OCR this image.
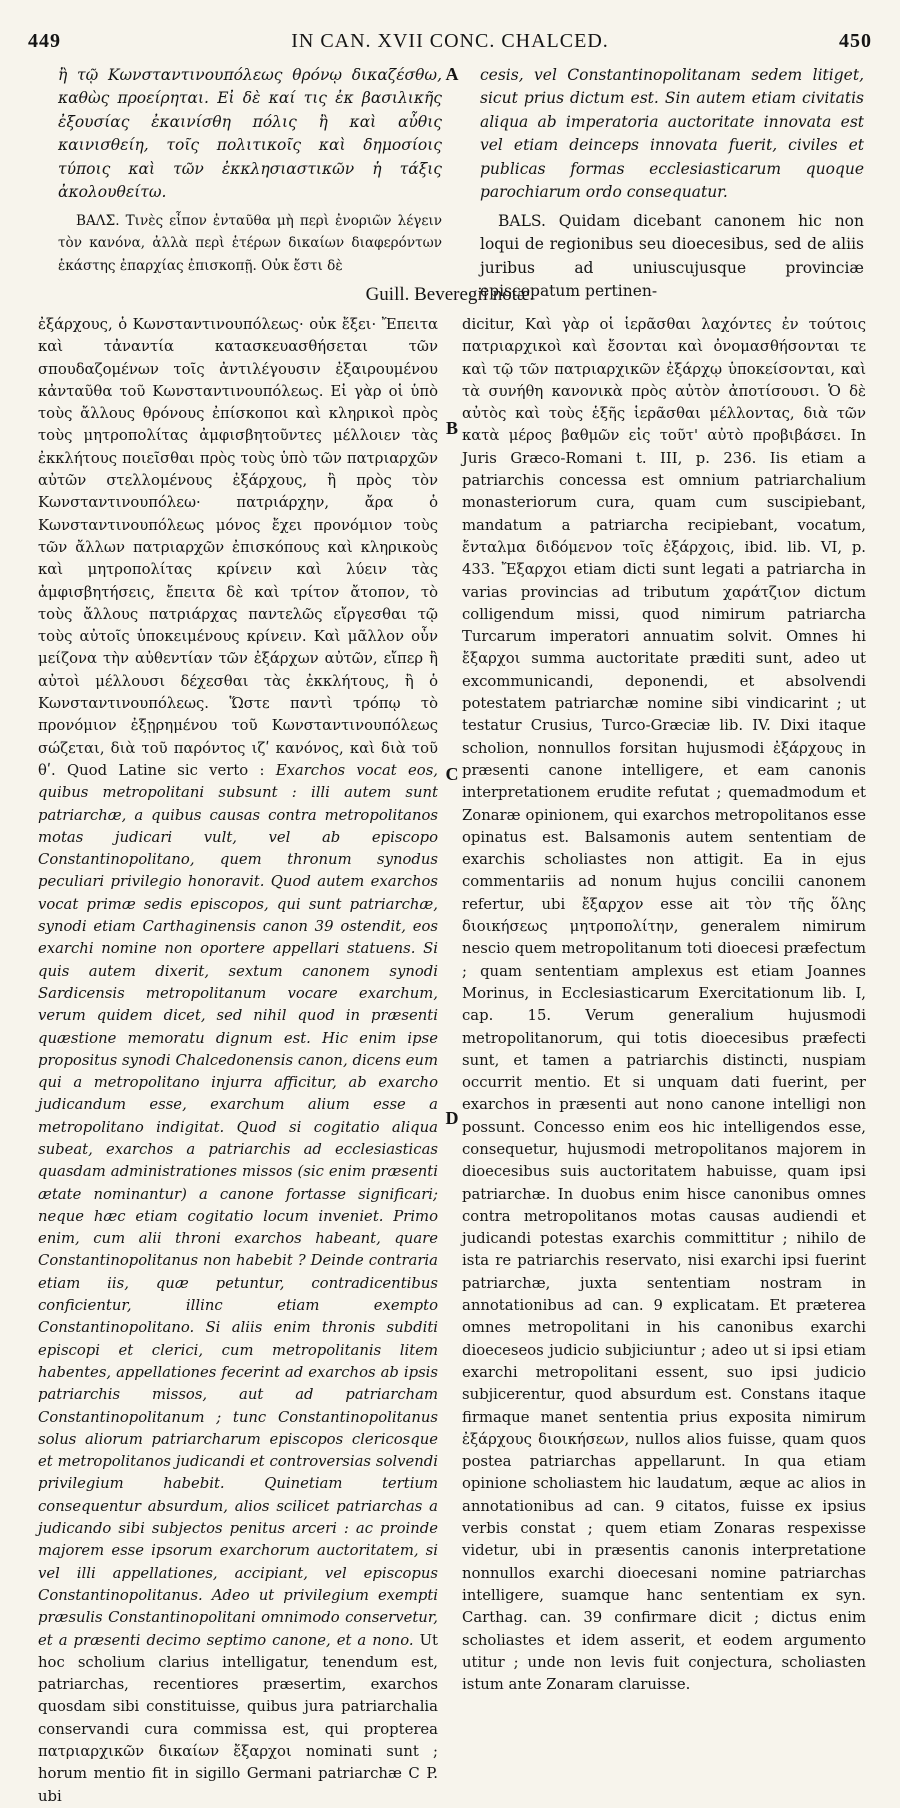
449	IN CAN. XVII CONC. CHALCED.	450

ἢ τῷ Κωνσταντινουπόλεως θρόνῳ δικαζέσθω, καθὼς προείρηται. Εἰ δὲ καί τις ἐκ βασιλικῆς ἐξουσίας ἐκαινίσθη πόλις ἢ καὶ αὖθις καινισθείη, τοῖς πολιτικοῖς καὶ δημοσίοις τύποις καὶ τῶν ἐκκλησιαστικῶν ἡ τάξις ἀκολουθείτω.

ΒΑΛΣ. Τινὲς εἶπον ἐνταῦθα μὴ περὶ ἐνοριῶν λέγειν τὸν κανόνα, ἀλλὰ περὶ ἑτέρων δικαίων διαφερόντων ἑκάστης ἐπαρχίας ἐπισκοπῇ. Οὐκ ἔστι δὲ

cesis, vel Constantinopolitanam sedem litiget, sicut prius dictum est. Sin autem etiam civitatis aliqua ab imperatoria auctoritate innovata est vel etiam deinceps innovata fuerit, civiles et publicas formas ecclesiasticarum quoque parochiarum ordo consequatur.

BALS. Quidam dicebant canonem hic non loqui de regionibus seu dioecesibus, sed de aliis juribus ad uniuscujusque provinciæ episcopatum pertinen-

Guill. Beveregii notæ.

ἐξάρχους, ὁ Κωνσταντινουπόλεως· οὐκ ἔξει· Ἔπειτα καὶ τἀναντία κατασκευασθήσεται τῶν σπουδαζομένων τοῖς ἀντιλέγουσιν ἐξαιρουμένου κἀνταῦθα τοῦ Κωνσταντινουπόλεως. Εἰ γὰρ οἱ ὑπὸ τοὺς ἄλλους θρόνους ἐπίσκοποι καὶ κληρικοὶ πρὸς τοὺς μητροπολίτας ἀμφισβητοῦντες μέλλοιεν τὰς ἐκκλήτους ποιεῖσθαι πρὸς τοὺς ὑπὸ τῶν πατριαρχῶν αὐτῶν στελλομένους ἐξάρχους, ἢ πρὸς τὸν Κωνσταντινουπόλεω· πατριάρχην, ἄρα ὁ Κωνσταντινουπόλεως μόνος ἔχει προνόμιον τοὺς τῶν ἄλλων πατριαρχῶν ἐπισκόπους καὶ κληρικοὺς καὶ μητροπολίτας κρίνειν καὶ λύειν τὰς ἀμφισβητήσεις, ἔπειτα δὲ καὶ τρίτον ἄτοπον, τὸ τοὺς ἄλλους πατριάρχας παντελῶς εἴργεσθαι τῷ τοὺς αὐτοῖς ὑποκειμένους κρίνειν. Καὶ μᾶλλον οὖν μείζονα τὴν αὐθεντίαν τῶν ἐξάρχων αὐτῶν, εἴπερ ἢ αὐτοὶ μέλλουσι δέχεσθαι τὰς ἐκκλήτους, ἢ ὁ Κωνσταντινουπόλεως. Ὥστε παντὶ τρόπῳ τὸ προνόμιον ἐξῃρημένου τοῦ Κωνσταντινουπόλεως σώζεται, διὰ τοῦ παρόντος ιζʹ κανόνος, καὶ διὰ τοῦ θʹ. Quod Latine sic verto : Exarchos vocat eos, quibus metropolitani subsunt : illi autem sunt patriarchæ, a quibus causas contra metropolitanos motas judicari vult, vel ab episcopo Constantinopolitano, quem thronum synodus peculiari privilegio honoravit. Quod autem exarchos vocat primæ sedis episcopos, qui sunt patriarchæ, synodi etiam Carthaginensis canon 39 ostendit, eos exarchi nomine non oportere appellari statuens. Si quis autem dixerit, sextum canonem synodi Sardicensis metropolitanum vocare exarchum, verum quidem dicet, sed nihil quod in præsenti quæstione memoratu dignum est. Hic enim ipse propositus synodi Chalcedonensis canon, dicens eum qui a metropolitano injurra afficitur, ab exarcho judicandum esse, exarchum alium esse a metropolitano indigitat. Quod si cogitatio aliqua subeat, exarchos a patriarchis ad ecclesiasticas quasdam administrationes missos (sic enim præsenti ætate nominantur) a canone fortasse significari; neque hæc etiam cogitatio locum inveniet. Primo enim, cum alii throni exarchos habeant, quare Constantinopolitanus non habebit ? Deinde contraria etiam iis, quæ petuntur, contradicentibus conficientur, illinc etiam exempto Constantinopolitano. Si aliis enim thronis subditi episcopi et clerici, cum metropolitanis litem habentes, appellationes fecerint ad exarchos ab ipsis patriarchis missos, aut ad patriarcham Constantinopolitanum ; tunc Constantinopolitanus solus aliorum patriarcharum episcopos clericosque et metropolitanos judicandi et controversias solvendi privilegium habebit. Quinetiam tertium consequentur absurdum, alios scilicet patriarchas a judicando sibi subjectos penitus arceri : ac proinde majorem esse ipsorum exarchorum auctoritatem, si vel illi appellationes, accipiant, vel episcopus Constantinopolitanus. Adeo ut privilegium exempti præsulis Constantinopolitani omnimodo conservetur, et a præsenti decimo septimo canone, et a nono. Ut hoc scholium clarius intelligatur, tenendum est, patriarchas, recentiores præsertim, exarchos quosdam sibi constituisse, quibus jura patriarchalia conservandi cura commissa est, qui propterea πατριαρχικῶν δικαίων ἔξαρχοι nominati sunt ; horum mentio fit in sigillo Germani patriarchæ C P. ubi

dicitur, Καὶ γὰρ οἱ ἱερᾶσθαι λαχόντες ἐν τούτοις πατριαρχικοὶ καὶ ἔσονται καὶ ὀνομασθήσονται τε καὶ τῷ τῶν πατριαρχικῶν ἐξάρχῳ ὑποκείσονται, καὶ τὰ συνήθη κανονικὰ πρὸς αὐτὸν ἀποτίσουσι. Ὁ δὲ αὐτὸς καὶ τοὺς ἑξῆς ἱερᾶσθαι μέλλοντας, διὰ τῶν κατὰ μέρος βαθμῶν εἰς τοῦτ' αὐτὸ προβιβάσει. In Juris Græco-Romani t. III, p. 236. Iis etiam a patriarchis concessa est omnium patriarchalium monasteriorum cura, quam cum suscipiebant, mandatum a patriarcha recipiebant, vocatum, ἔνταλμα διδόμενον τοῖς ἐξάρχοις, ibid. lib. VI, p. 433. Ἔξαρχοι etiam dicti sunt legati a patriarcha in varias provincias ad tributum χαράτζιον dictum colligendum missi, quod nimirum patriarcha Turcarum imperatori annuatim solvit. Omnes hi ἔξαρχοι summa auctoritate præditi sunt, adeo ut excommunicandi, deponendi, et absolvendi potestatem patriarchæ nomine sibi vindicarint ; ut testatur Crusius, Turco-Græciæ lib. IV. Dixi itaque scholion, nonnullos forsitan hujusmodi ἐξάρχους in præsenti canone intelligere, et eam canonis interpretationem erudite refutat ; quemadmodum et Zonaræ opinionem, qui exarchos metropolitanos esse opinatus est. Balsamonis autem sententiam de exarchis scholiastes non attigit. Ea in ejus commentariis ad nonum hujus concilii canonem refertur, ubi ἔξαρχον esse ait τὸν τῆς ὅλης διοικήσεως μητροπολίτην, generalem nimirum nescio quem metropolitanum toti dioecesi præfectum ; quam sententiam amplexus est etiam Joannes Morinus, in Ecclesiasticarum Exercitationum lib. I, cap. 15. Verum generalium hujusmodi metropolitanorum, qui totis dioecesibus præfecti sunt, et tamen a patriarchis distincti, nuspiam occurrit mentio. Et si unquam dati fuerint, per exarchos in præsenti aut nono canone intelligi non possunt. Concesso enim eos hic intelligendos esse, consequetur, hujusmodi metropolitanos majorem in dioecesibus suis auctoritatem habuisse, quam ipsi patriarchæ. In duobus enim hisce canonibus omnes contra metropolitanos motas causas audiendi et judicandi potestas exarchis committitur ; nihilo de ista re patriarchis reservato, nisi exarchi ipsi fuerint patriarchæ, juxta sententiam nostram in annotationibus ad can. 9 explicatam. Et præterea omnes metropolitani in his canonibus exarchi dioeceseos judicio subjiciuntur ; adeo ut si ipsi etiam exarchi metropolitani essent, suo ipsi judicio subjicerentur, quod absurdum est. Constans itaque firmaque manet sententia prius exposita nimirum ἐξάρχους διοικήσεων, nullos alios fuisse, quam quos postea patriarchas appellarunt. In qua etiam opinione scholiastem hic laudatum, æque ac alios in annotationibus ad can. 9 citatos, fuisse ex ipsius verbis constat ; quem etiam Zonaras respexisse videtur, ubi in præsentis canonis interpretatione nonnullos exarchi dioecesani nomine patriarchas intelligere, suamque hanc sententiam ex syn. Carthag. can. 39 confirmare dicit ; dictus enim scholiastes et idem asserit, et eodem argumento utitur ; unde non levis fuit conjectura, scholiasten istum ante Zonaram claruisse.

A
B
C
D
